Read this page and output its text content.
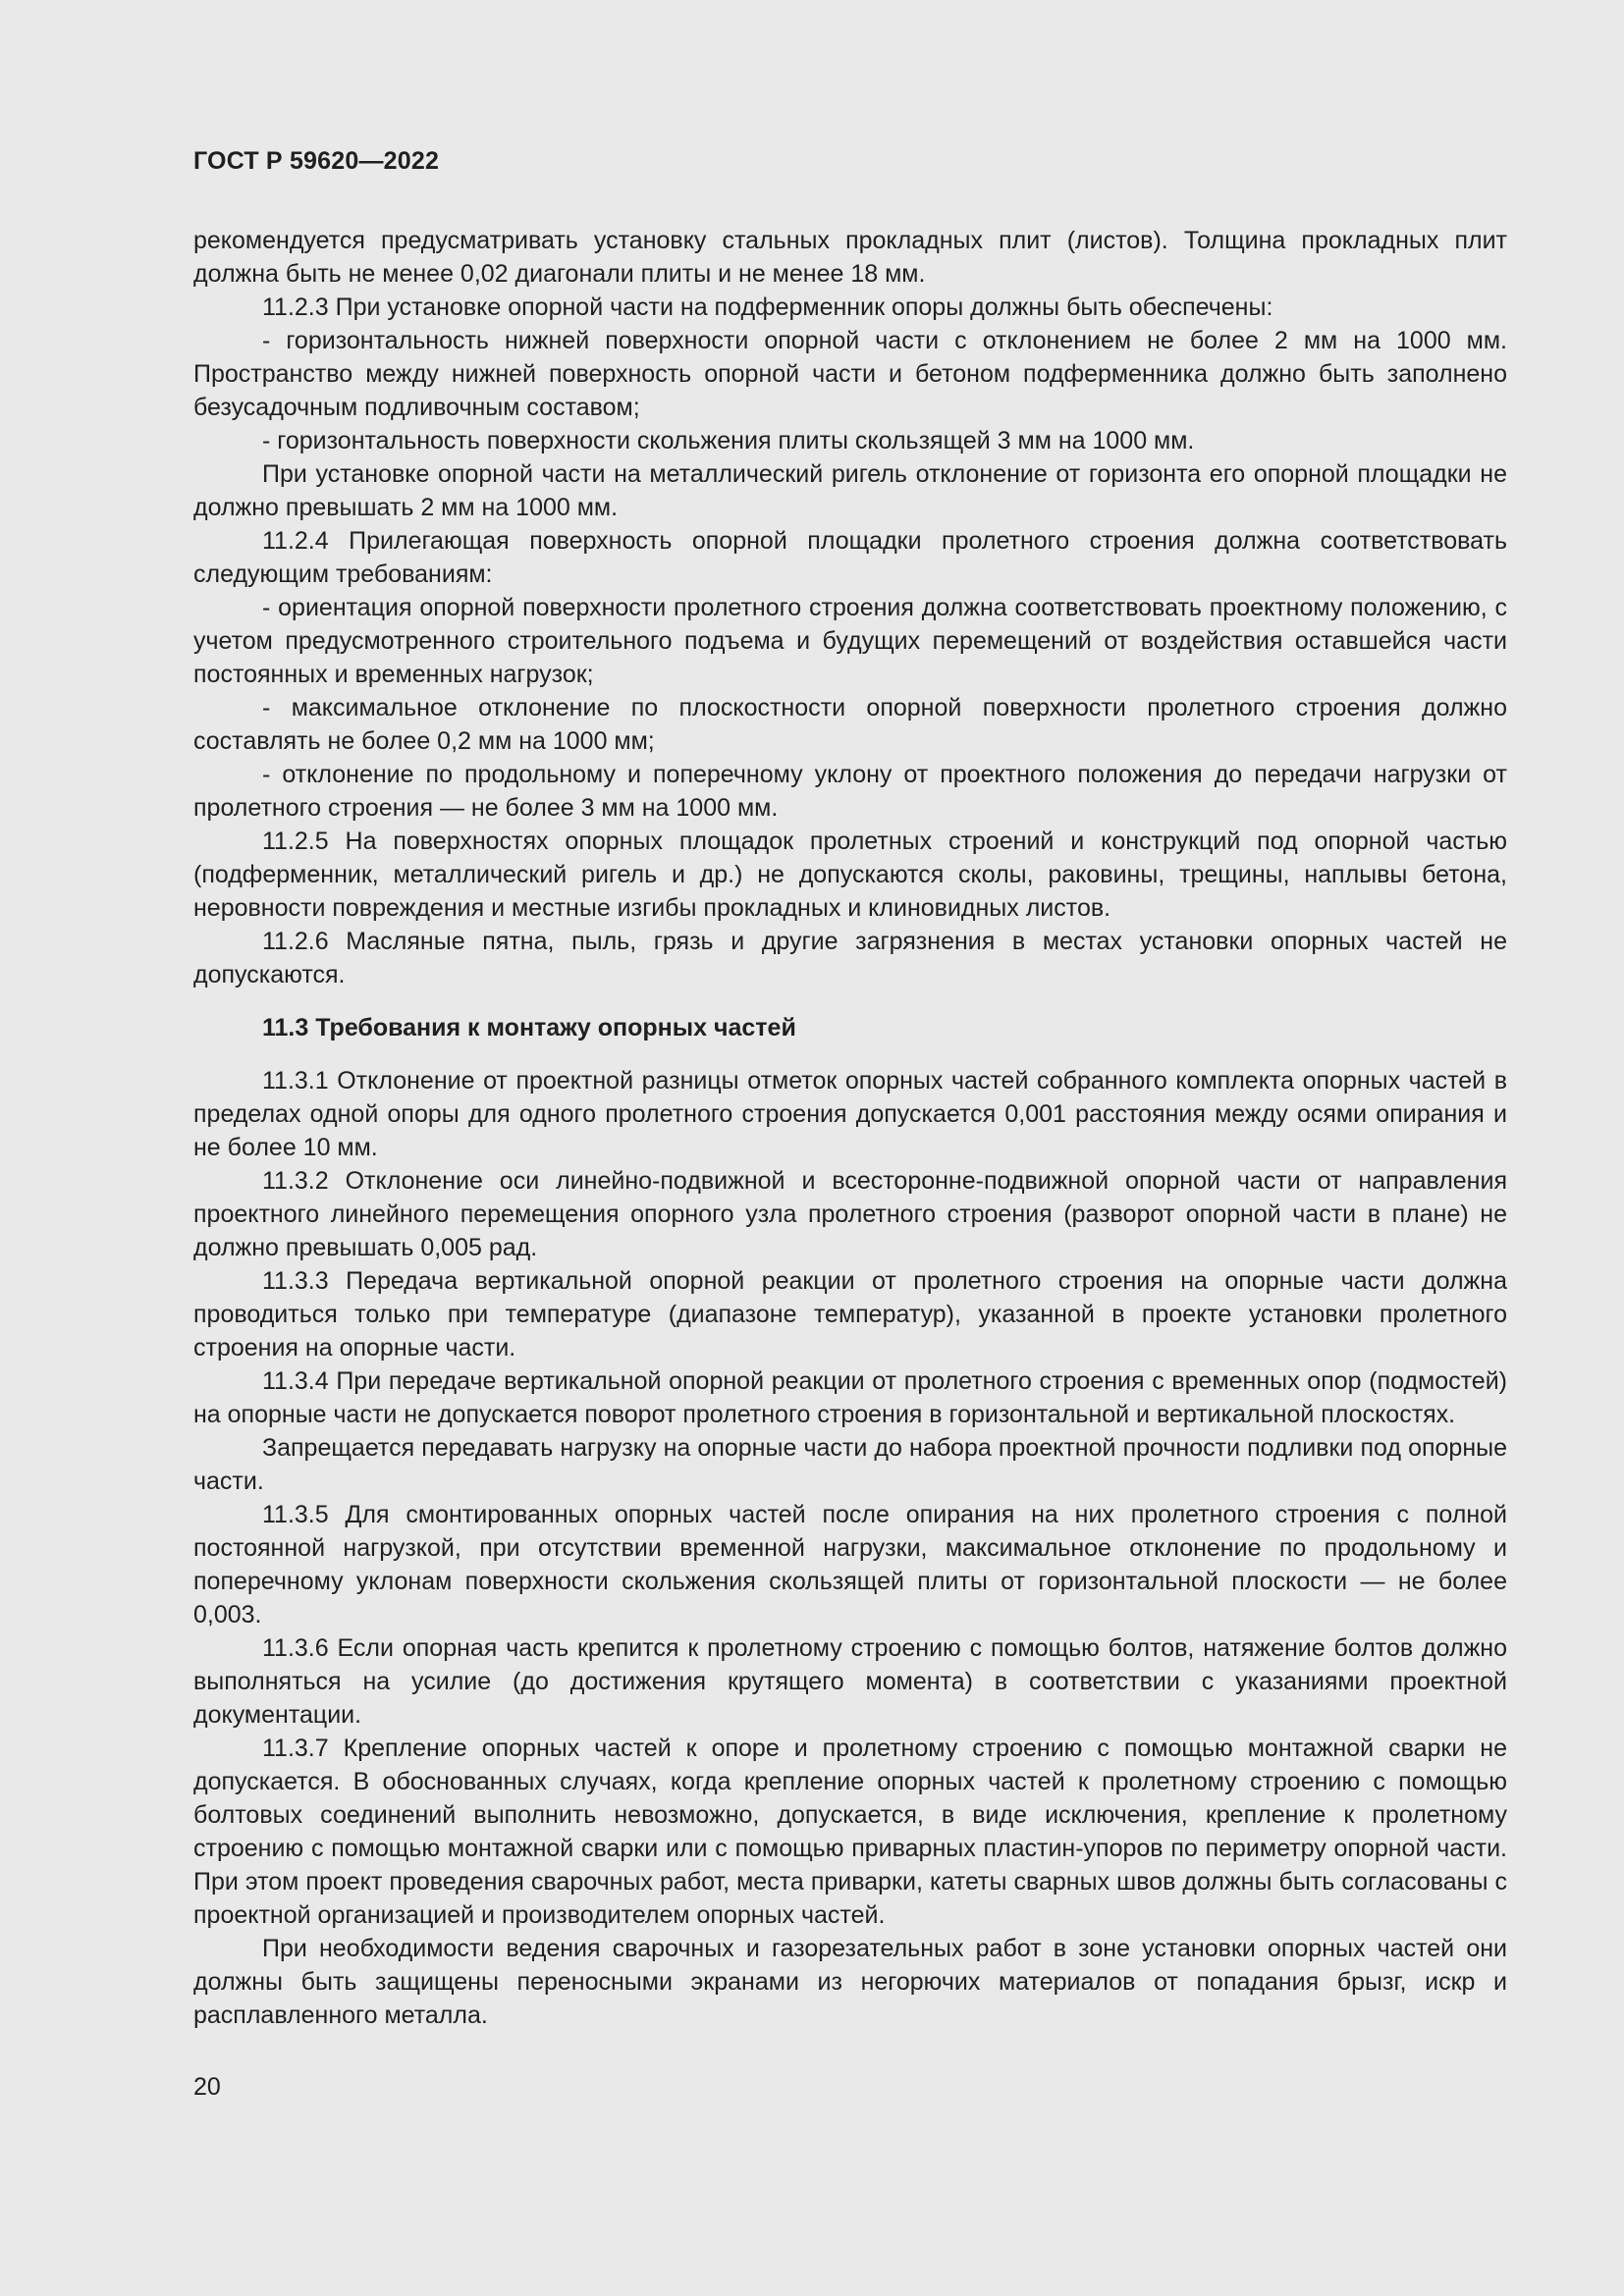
ГОСТ Р 59620—2022

рекомендуется предусматривать установку стальных прокладных плит (листов). Толщина прокладных плит должна быть не менее 0,02 диагонали плиты и не менее 18 мм.

11.2.3 При установке опорной части на подферменник опоры должны быть обеспечены:

- горизонтальность нижней поверхности опорной части с отклонением не более 2 мм на 1000 мм. Пространство между нижней поверхность опорной части и бетоном подферменника должно быть заполнено безусадочным подливочным составом;

- горизонтальность поверхности скольжения плиты скользящей 3 мм на 1000 мм.

При установке опорной части на металлический ригель отклонение от горизонта его опорной площадки не должно превышать 2 мм на 1000 мм.

11.2.4 Прилегающая поверхность опорной площадки пролетного строения должна соответствовать следующим требованиям:

- ориентация опорной поверхности пролетного строения должна соответствовать проектному положению, с учетом предусмотренного строительного подъема и будущих перемещений от воздействия оставшейся части постоянных и временных нагрузок;

- максимальное отклонение по плоскостности опорной поверхности пролетного строения должно составлять не более 0,2 мм на 1000 мм;

- отклонение по продольному и поперечному уклону от проектного положения до передачи нагрузки от пролетного строения — не более 3 мм на 1000 мм.

11.2.5 На поверхностях опорных площадок пролетных строений и конструкций под опорной частью (подферменник, металлический ригель и др.) не допускаются сколы, раковины, трещины, наплывы бетона, неровности повреждения и местные изгибы прокладных и клиновидных листов.

11.2.6 Масляные пятна, пыль, грязь и другие загрязнения в местах установки опорных частей не допускаются.

11.3 Требования к монтажу опорных частей

11.3.1 Отклонение от проектной разницы отметок опорных частей собранного комплекта опорных частей в пределах одной опоры для одного пролетного строения допускается 0,001 расстояния между осями опирания и не более 10 мм.

11.3.2 Отклонение оси линейно-подвижной и всесторонне-подвижной опорной части от направления проектного линейного перемещения опорного узла пролетного строения (разворот опорной части в плане) не должно превышать 0,005 рад.

11.3.3 Передача вертикальной опорной реакции от пролетного строения на опорные части должна проводиться только при температуре (диапазоне температур), указанной в проекте установки пролетного строения на опорные части.

11.3.4 При передаче вертикальной опорной реакции от пролетного строения с временных опор (подмостей) на опорные части не допускается поворот пролетного строения в горизонтальной и вертикальной плоскостях.

Запрещается передавать нагрузку на опорные части до набора проектной прочности подливки под опорные части.

11.3.5 Для смонтированных опорных частей после опирания на них пролетного строения с полной постоянной нагрузкой, при отсутствии временной нагрузки, максимальное отклонение по продольному и поперечному уклонам поверхности скольжения скользящей плиты от горизонтальной плоскости — не более 0,003.

11.3.6 Если опорная часть крепится к пролетному строению с помощью болтов, натяжение болтов должно выполняться на усилие (до достижения крутящего момента) в соответствии с указаниями проектной документации.

11.3.7 Крепление опорных частей к опоре и пролетному строению с помощью монтажной сварки не допускается. В обоснованных случаях, когда крепление опорных частей к пролетному строению с помощью болтовых соединений выполнить невозможно, допускается, в виде исключения, крепление к пролетному строению с помощью монтажной сварки или с помощью приварных пластин-упоров по периметру опорной части. При этом проект проведения сварочных работ, места приварки, катеты сварных швов должны быть согласованы с проектной организацией и производителем опорных частей.

При необходимости ведения сварочных и газорезательных работ в зоне установки опорных частей они должны быть защищены переносными экранами из негорючих материалов от попадания брызг, искр и расплавленного металла.

20
